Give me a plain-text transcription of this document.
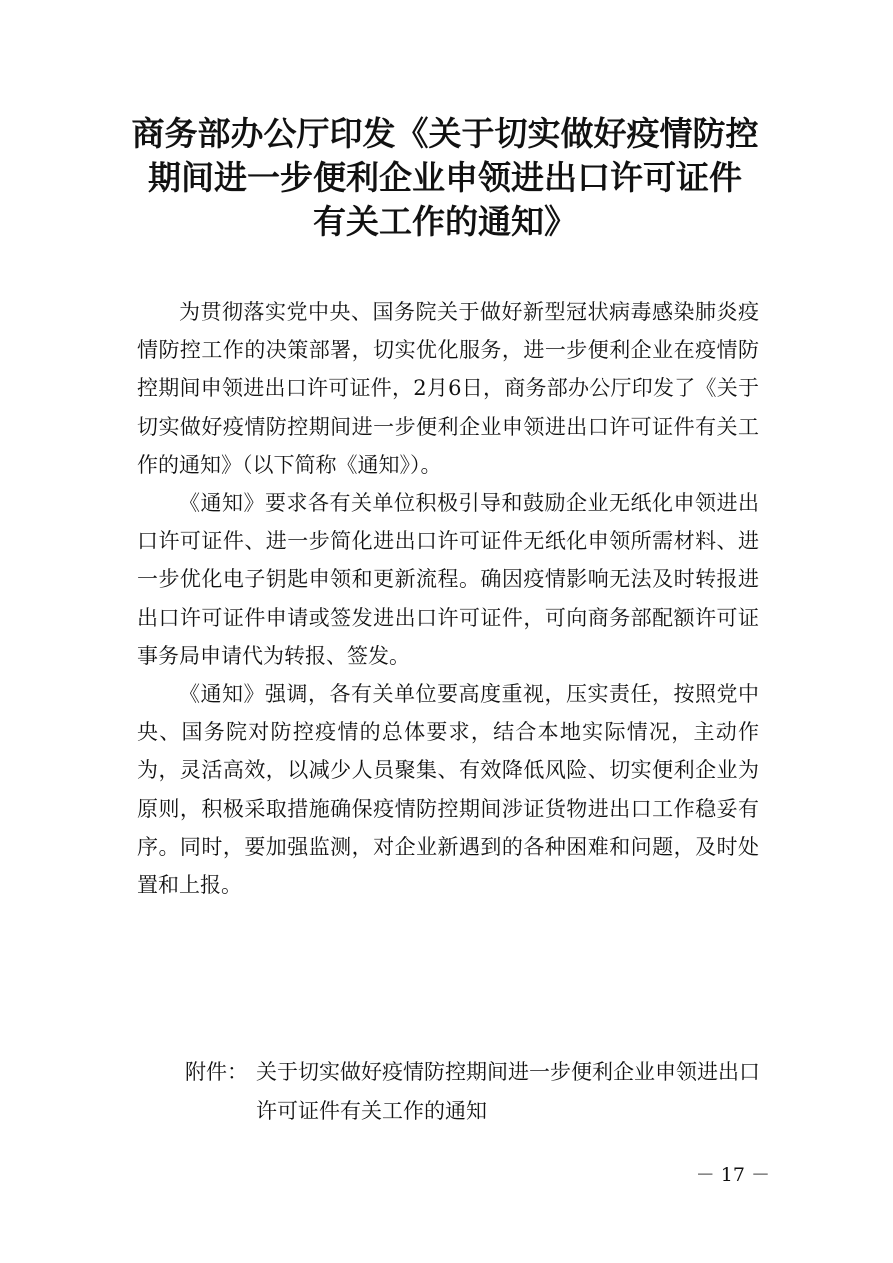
商务部办公厅印发《关于切实做好疫情防控
期间进一步便利企业申领进出口许可证件
有关工作的通知》

为贯彻落实党中央、国务院关于做好新型冠状病毒感染肺炎疫情防控工作的决策部署，切实优化服务，进一步便利企业在疫情防控期间申领进出口许可证件，2月6日，商务部办公厅印发了《关于切实做好疫情防控期间进一步便利企业申领进出口许可证件有关工作的通知》（以下简称《通知》）。

《通知》要求各有关单位积极引导和鼓励企业无纸化申领进出口许可证件、进一步简化进出口许可证件无纸化申领所需材料、进一步优化电子钥匙申领和更新流程。确因疫情影响无法及时转报进出口许可证件申请或签发进出口许可证件，可向商务部配额许可证事务局申请代为转报、签发。

《通知》强调，各有关单位要高度重视，压实责任，按照党中央、国务院对防控疫情的总体要求，结合本地实际情况，主动作为，灵活高效，以减少人员聚集、有效降低风险、切实便利企业为原则，积极采取措施确保疫情防控期间涉证货物进出口工作稳妥有序。同时，要加强监测，对企业新遇到的各种困难和问题，及时处置和上报。

附件： 关于切实做好疫情防控期间进一步便利企业申领进出口许可证件有关工作的通知
－ 17 －
